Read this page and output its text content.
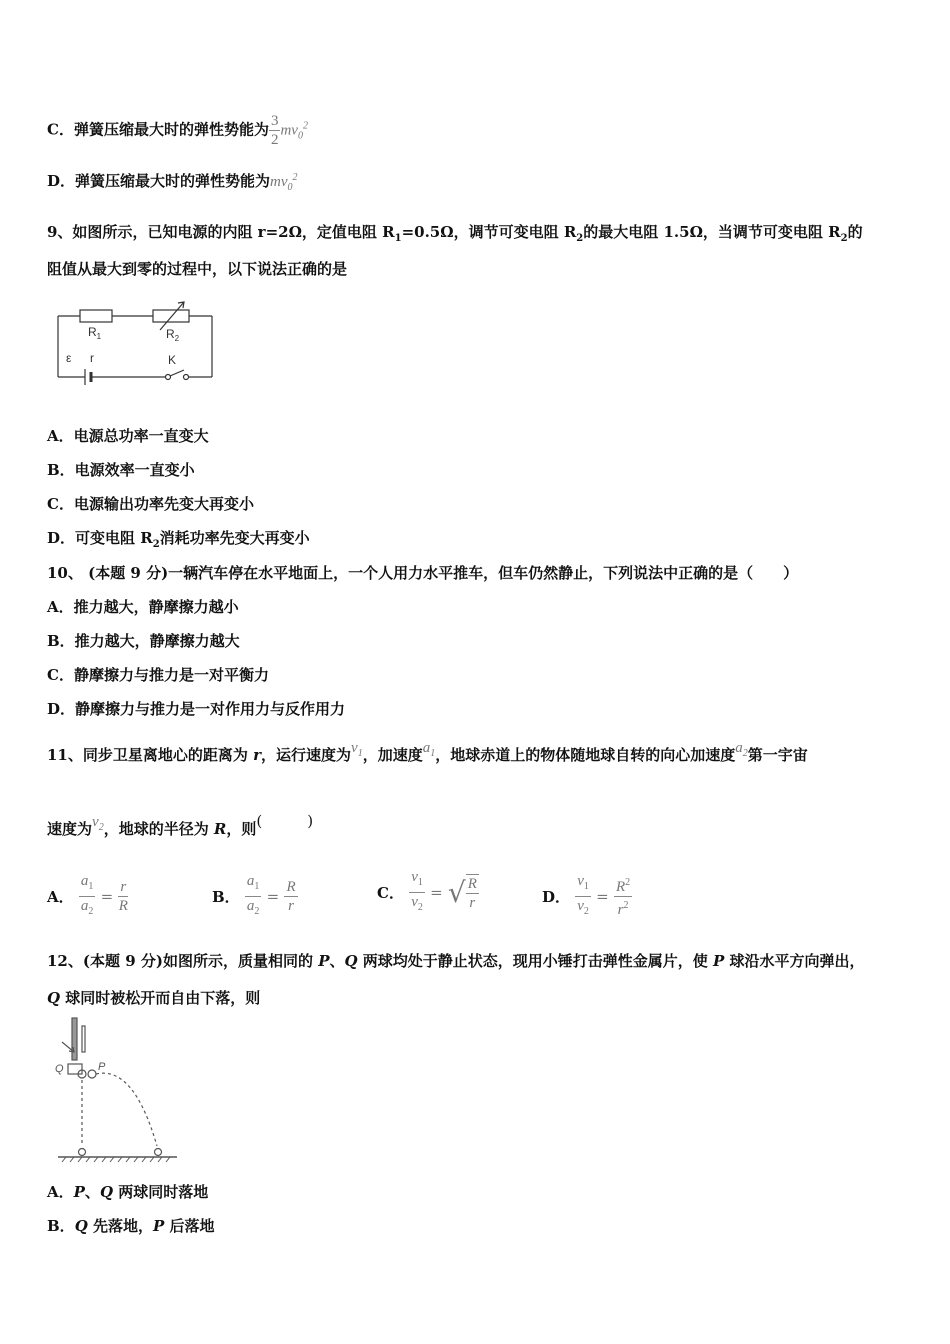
C．弹簧压缩最大时的弹性势能为 $\frac{3}{2} mv_0^2$
D．弹簧压缩最大时的弹性势能为$mv_0^2$
9、如图所示，已知电源的内阻 r=2Ω，定值电阻 $R_1=0.5\Omega$，调节可变电阻 $R_2$的最大电阻 1.5Ω，当调节可变电阻 $R_2$的
阻值从最大到零的过程中，以下说法正确的是
$R_1$	$R_2$
ε r	K
A．电源总功率一直变大
B．电源效率一直变小
C．电源输出功率先变大再变小
D．可变电阻 $R_2$消耗功率先变大再变小
10、 (本题 9 分)一辆汽车停在水平地面上，一个人用力水平推车，但车仍然静止，下列说法中正确的是（　　）
A．推力越大，静摩擦力越小
B．推力越大，静摩擦力越大
C．静摩擦力与推力是一对平衡力
D．静摩擦力与推力是一对作用力与反作用力
11、同步卫星离地心的距离为 r，运行速度为$v_1$，加速度$a_1$，地球赤道上的物体随地球自转的向心加速度$a_2$第一宇宙
速度为$v_2$，地球的半径为 R，则(　　　)
A． $\frac{a_1}{a_2} = \frac{r}{R}$	B． $\frac{a_1}{a_2} = \frac{R}{r}$	C． $\frac{v_1}{v_2}$ = √ $\frac{R}{r}$	D． $\frac{v_1}{v_2} = \frac{R^2}{r^2}$
12、(本题 9 分)如图所示，质量相同的 P、Q 两球均处于静止状态，现用小锤打击弹性金属片，使 P 球沿水平方向弹出，
Q 球同时被松开而自由下落，则
Q	P
A．P、Q 两球同时落地
B．Q 先落地，P 后落地
